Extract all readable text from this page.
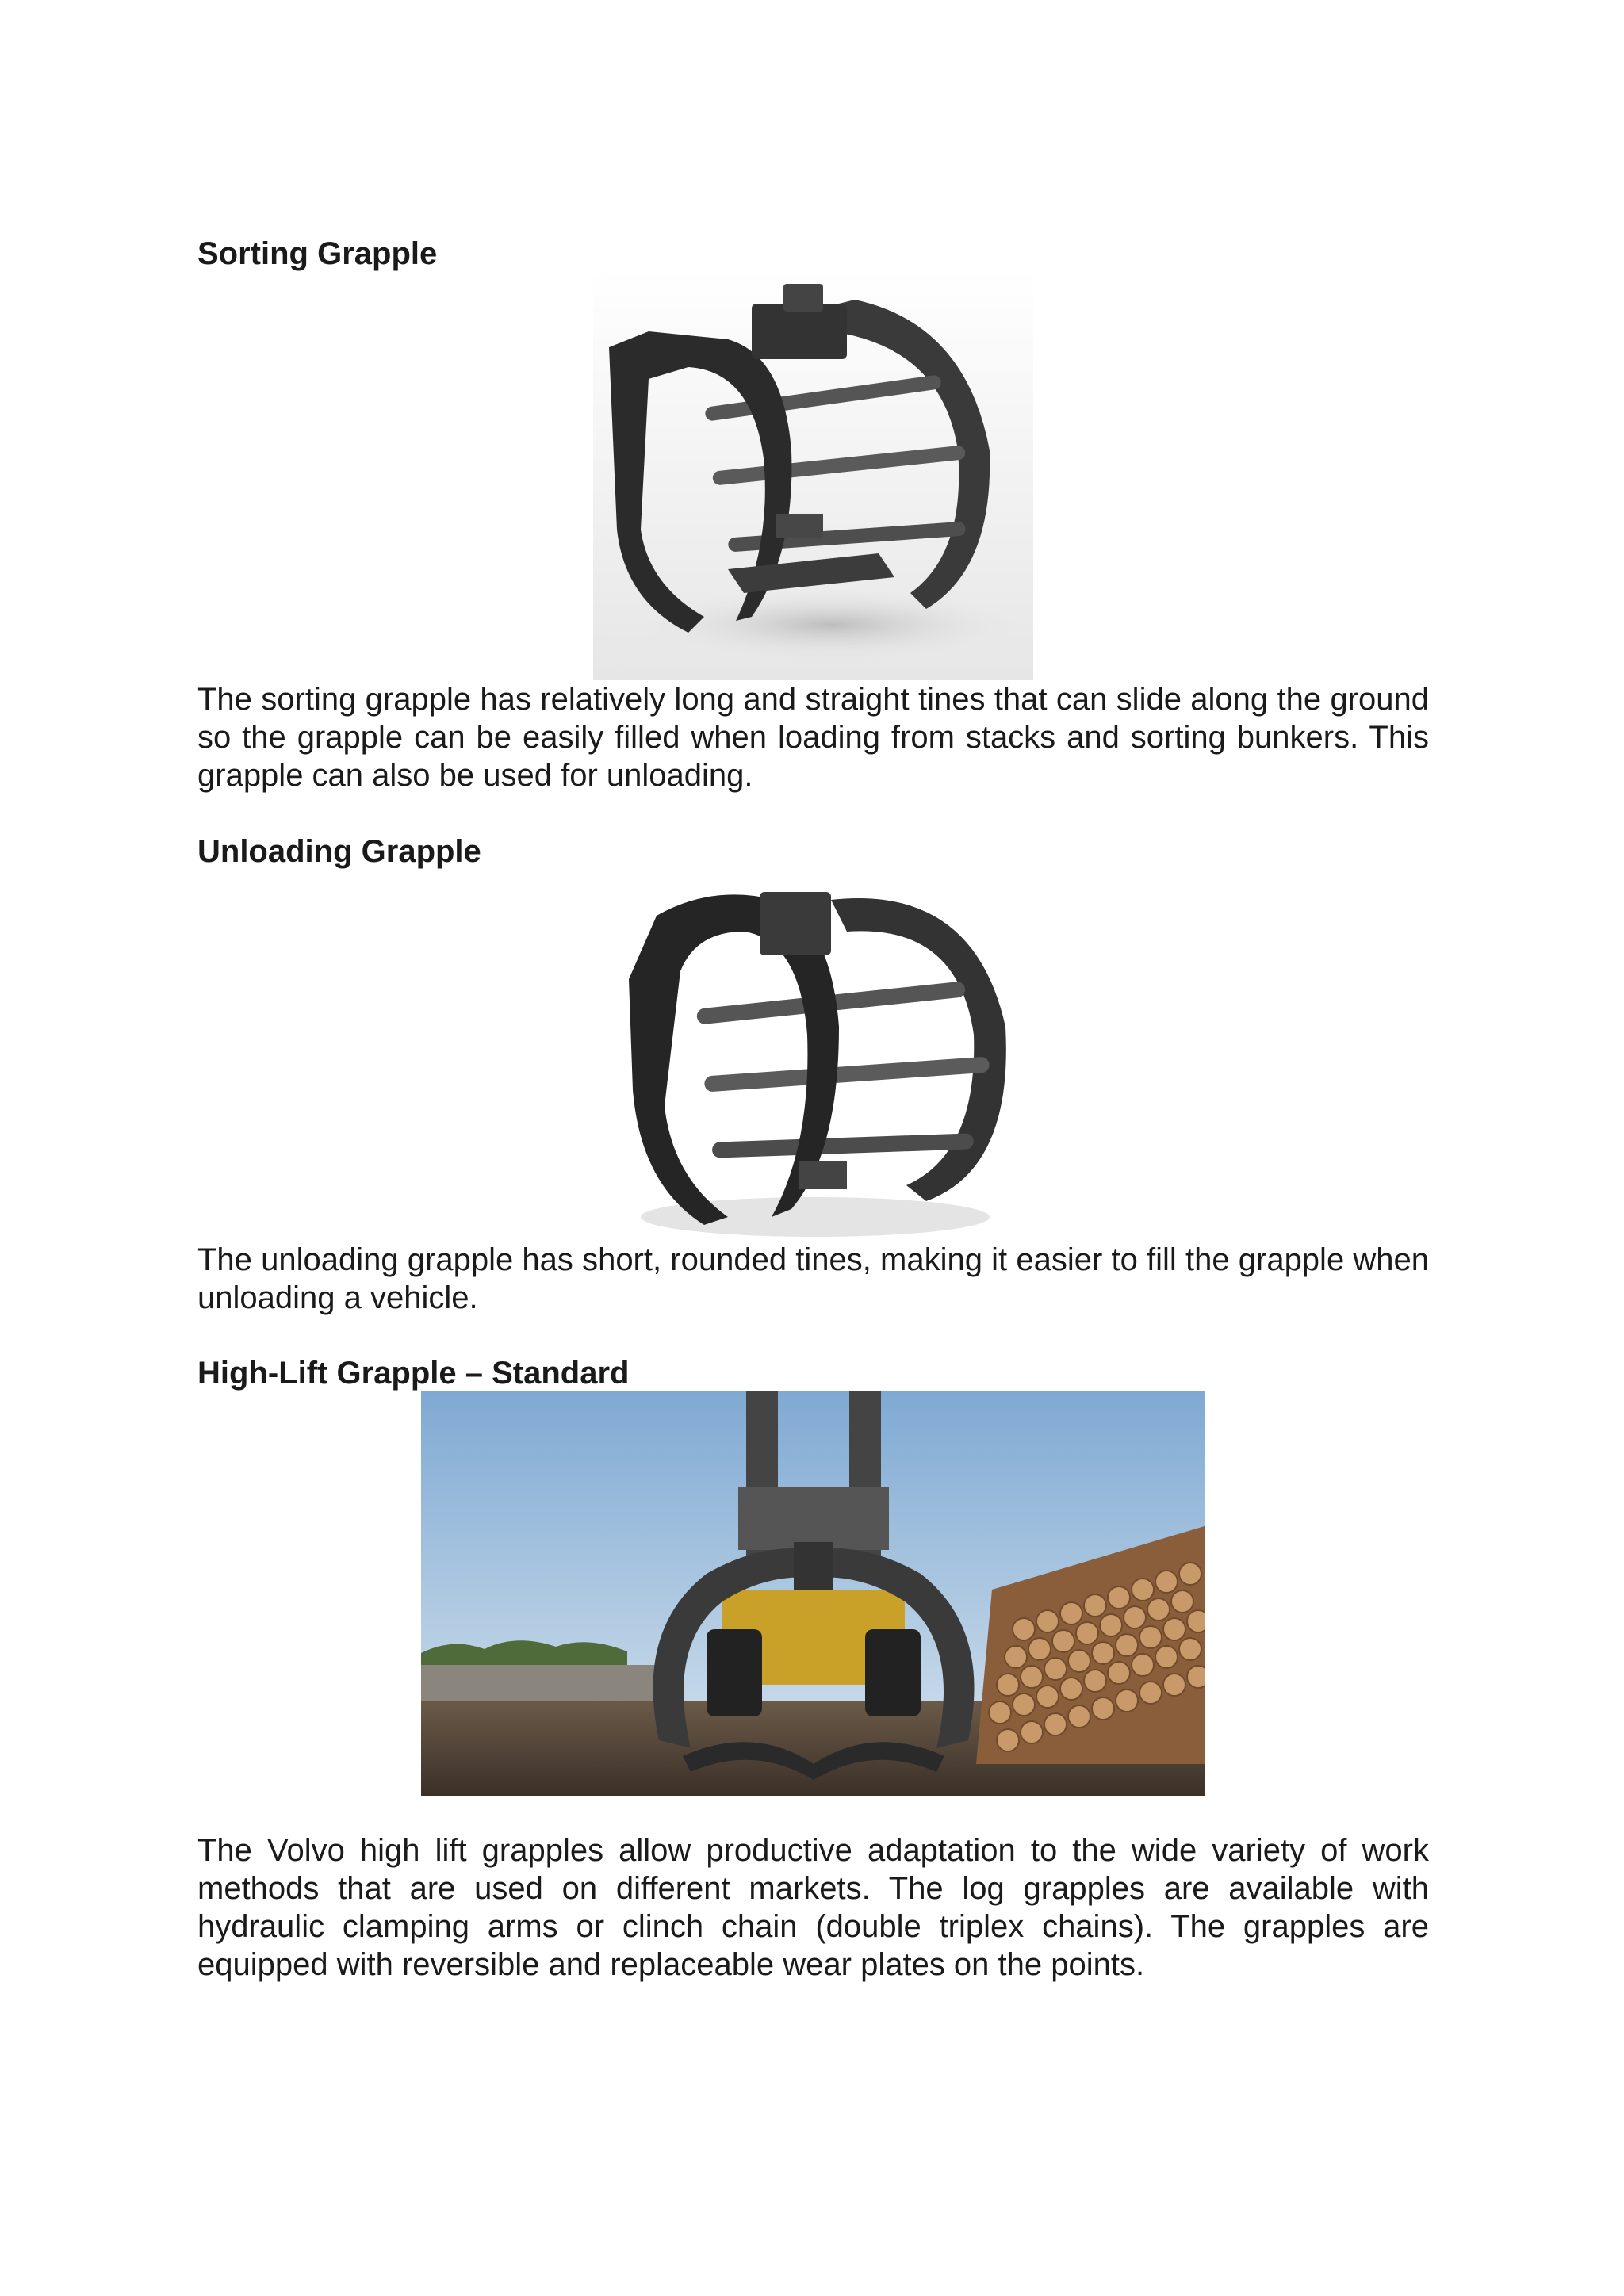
Sorting Grapple

The sorting grapple has relatively long and straight tines that can slide along the ground so the grapple can be easily filled when loading from stacks and sorting bunkers. This grapple can also be used for unloading.

Unloading Grapple

The unloading grapple has short, rounded tines, making it easier to fill the grapple when unloading a vehicle.

High-Lift Grapple – Standard

The Volvo high lift grapples allow productive adaptation to the wide variety of work methods that are used on different markets. The log grapples are available with hydraulic clamping arms or clinch chain (double triplex chains). The grapples are equipped with reversible and replaceable wear plates on the points.
